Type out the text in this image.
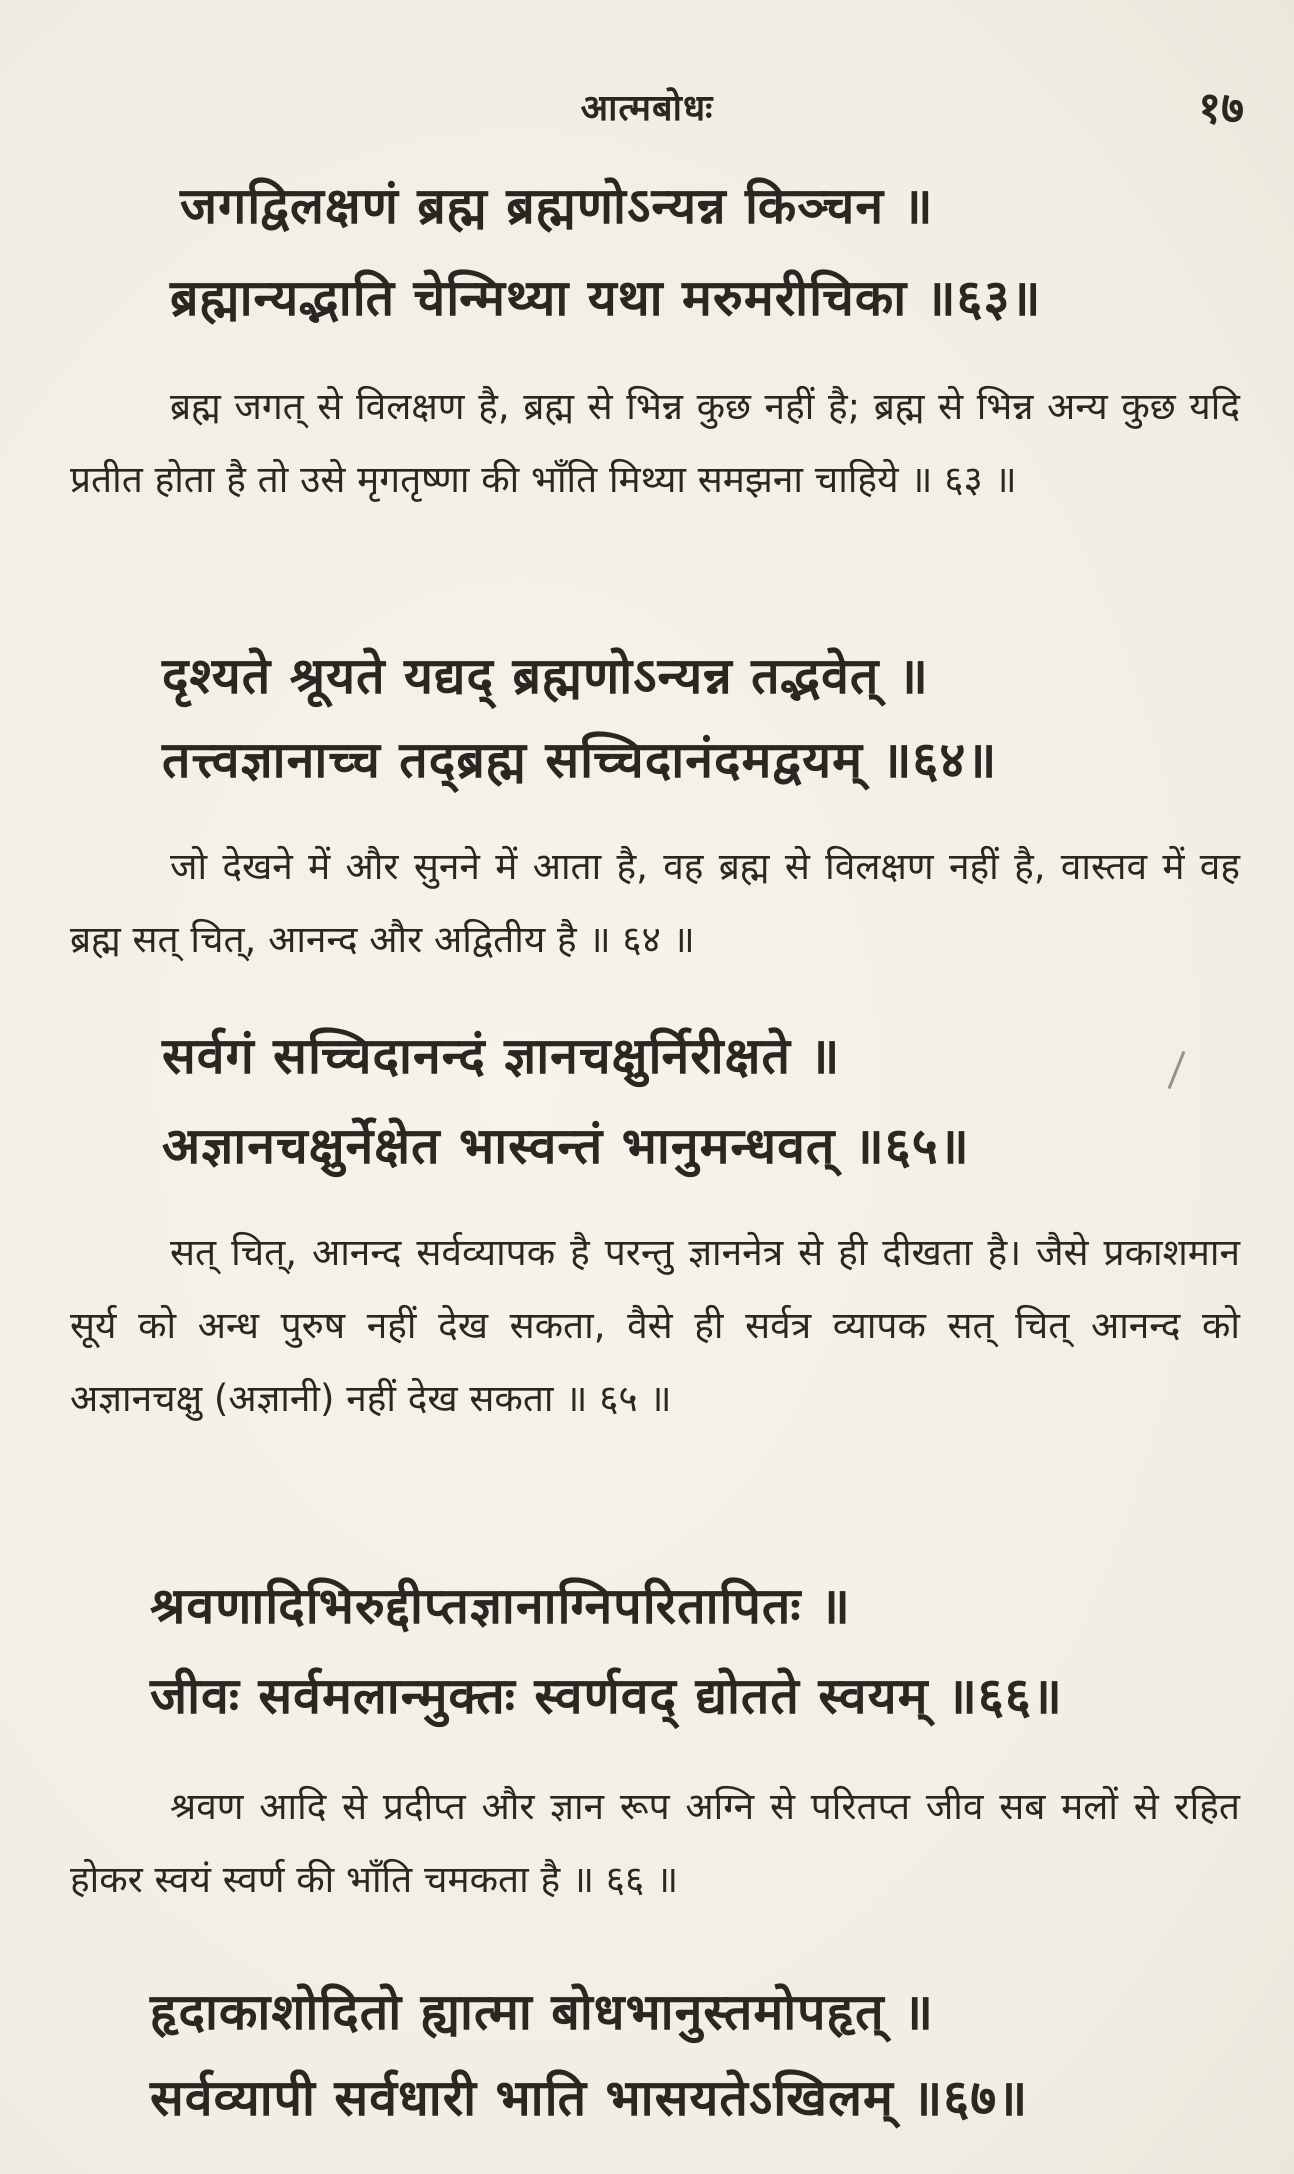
आत्मबोधः	१७
जगद्विलक्षणं ब्रह्म ब्रह्मणोऽन्यन्न किञ्चन ॥
ब्रह्मान्यद्भाति चेन्मिथ्या यथा मरुमरीचिका ॥६३॥
ब्रह्म जगत् से विलक्षण है, ब्रह्म से भिन्न कुछ नहीं है; ब्रह्म से भिन्न अन्य कुछ यदि प्रतीत होता है तो उसे मृगतृष्णा की भाँति मिथ्या समझना चाहिये ॥ ६३ ॥
दृश्यते श्रूयते यद्यद् ब्रह्मणोऽन्यन्न तद्भवेत् ॥
तत्त्वज्ञानाच्च तद्ब्रह्म सच्चिदानंदमद्वयम् ॥६४॥
जो देखने में और सुनने में आता है, वह ब्रह्म से विलक्षण नहीं है, वास्तव में वह ब्रह्म सत् चित्, आनन्द और अद्वितीय है ॥ ६४ ॥
सर्वगं सच्चिदानन्दं ज्ञानचक्षुर्निरीक्षते ॥
अज्ञानचक्षुर्नेक्षेत भास्वन्तं भानुमन्धवत् ॥६५॥
सत् चित्, आनन्द सर्वव्यापक है परन्तु ज्ञाननेत्र से ही दीखता है। जैसे प्रकाशमान सूर्य को अन्ध पुरुष नहीं देख सकता, वैसे ही सर्वत्र व्यापक सत् चित् आनन्द को अज्ञानचक्षु (अज्ञानी) नहीं देख सकता ॥ ६५ ॥
श्रवणादिभिरुद्दीप्तज्ञानाग्निपरितापितः ॥
जीवः सर्वमलान्मुक्तः स्वर्णवद् द्योतते स्वयम् ॥६६॥
श्रवण आदि से प्रदीप्त और ज्ञान रूप अग्नि से परितप्त जीव सब मलों से रहित होकर स्वयं स्वर्ण की भाँति चमकता है ॥ ६६ ॥
हृदाकाशोदितो ह्यात्मा बोधभानुस्तमोपहृत् ॥
सर्वव्यापी सर्वधारी भाति भासयतेऽखिलम् ॥६७॥
